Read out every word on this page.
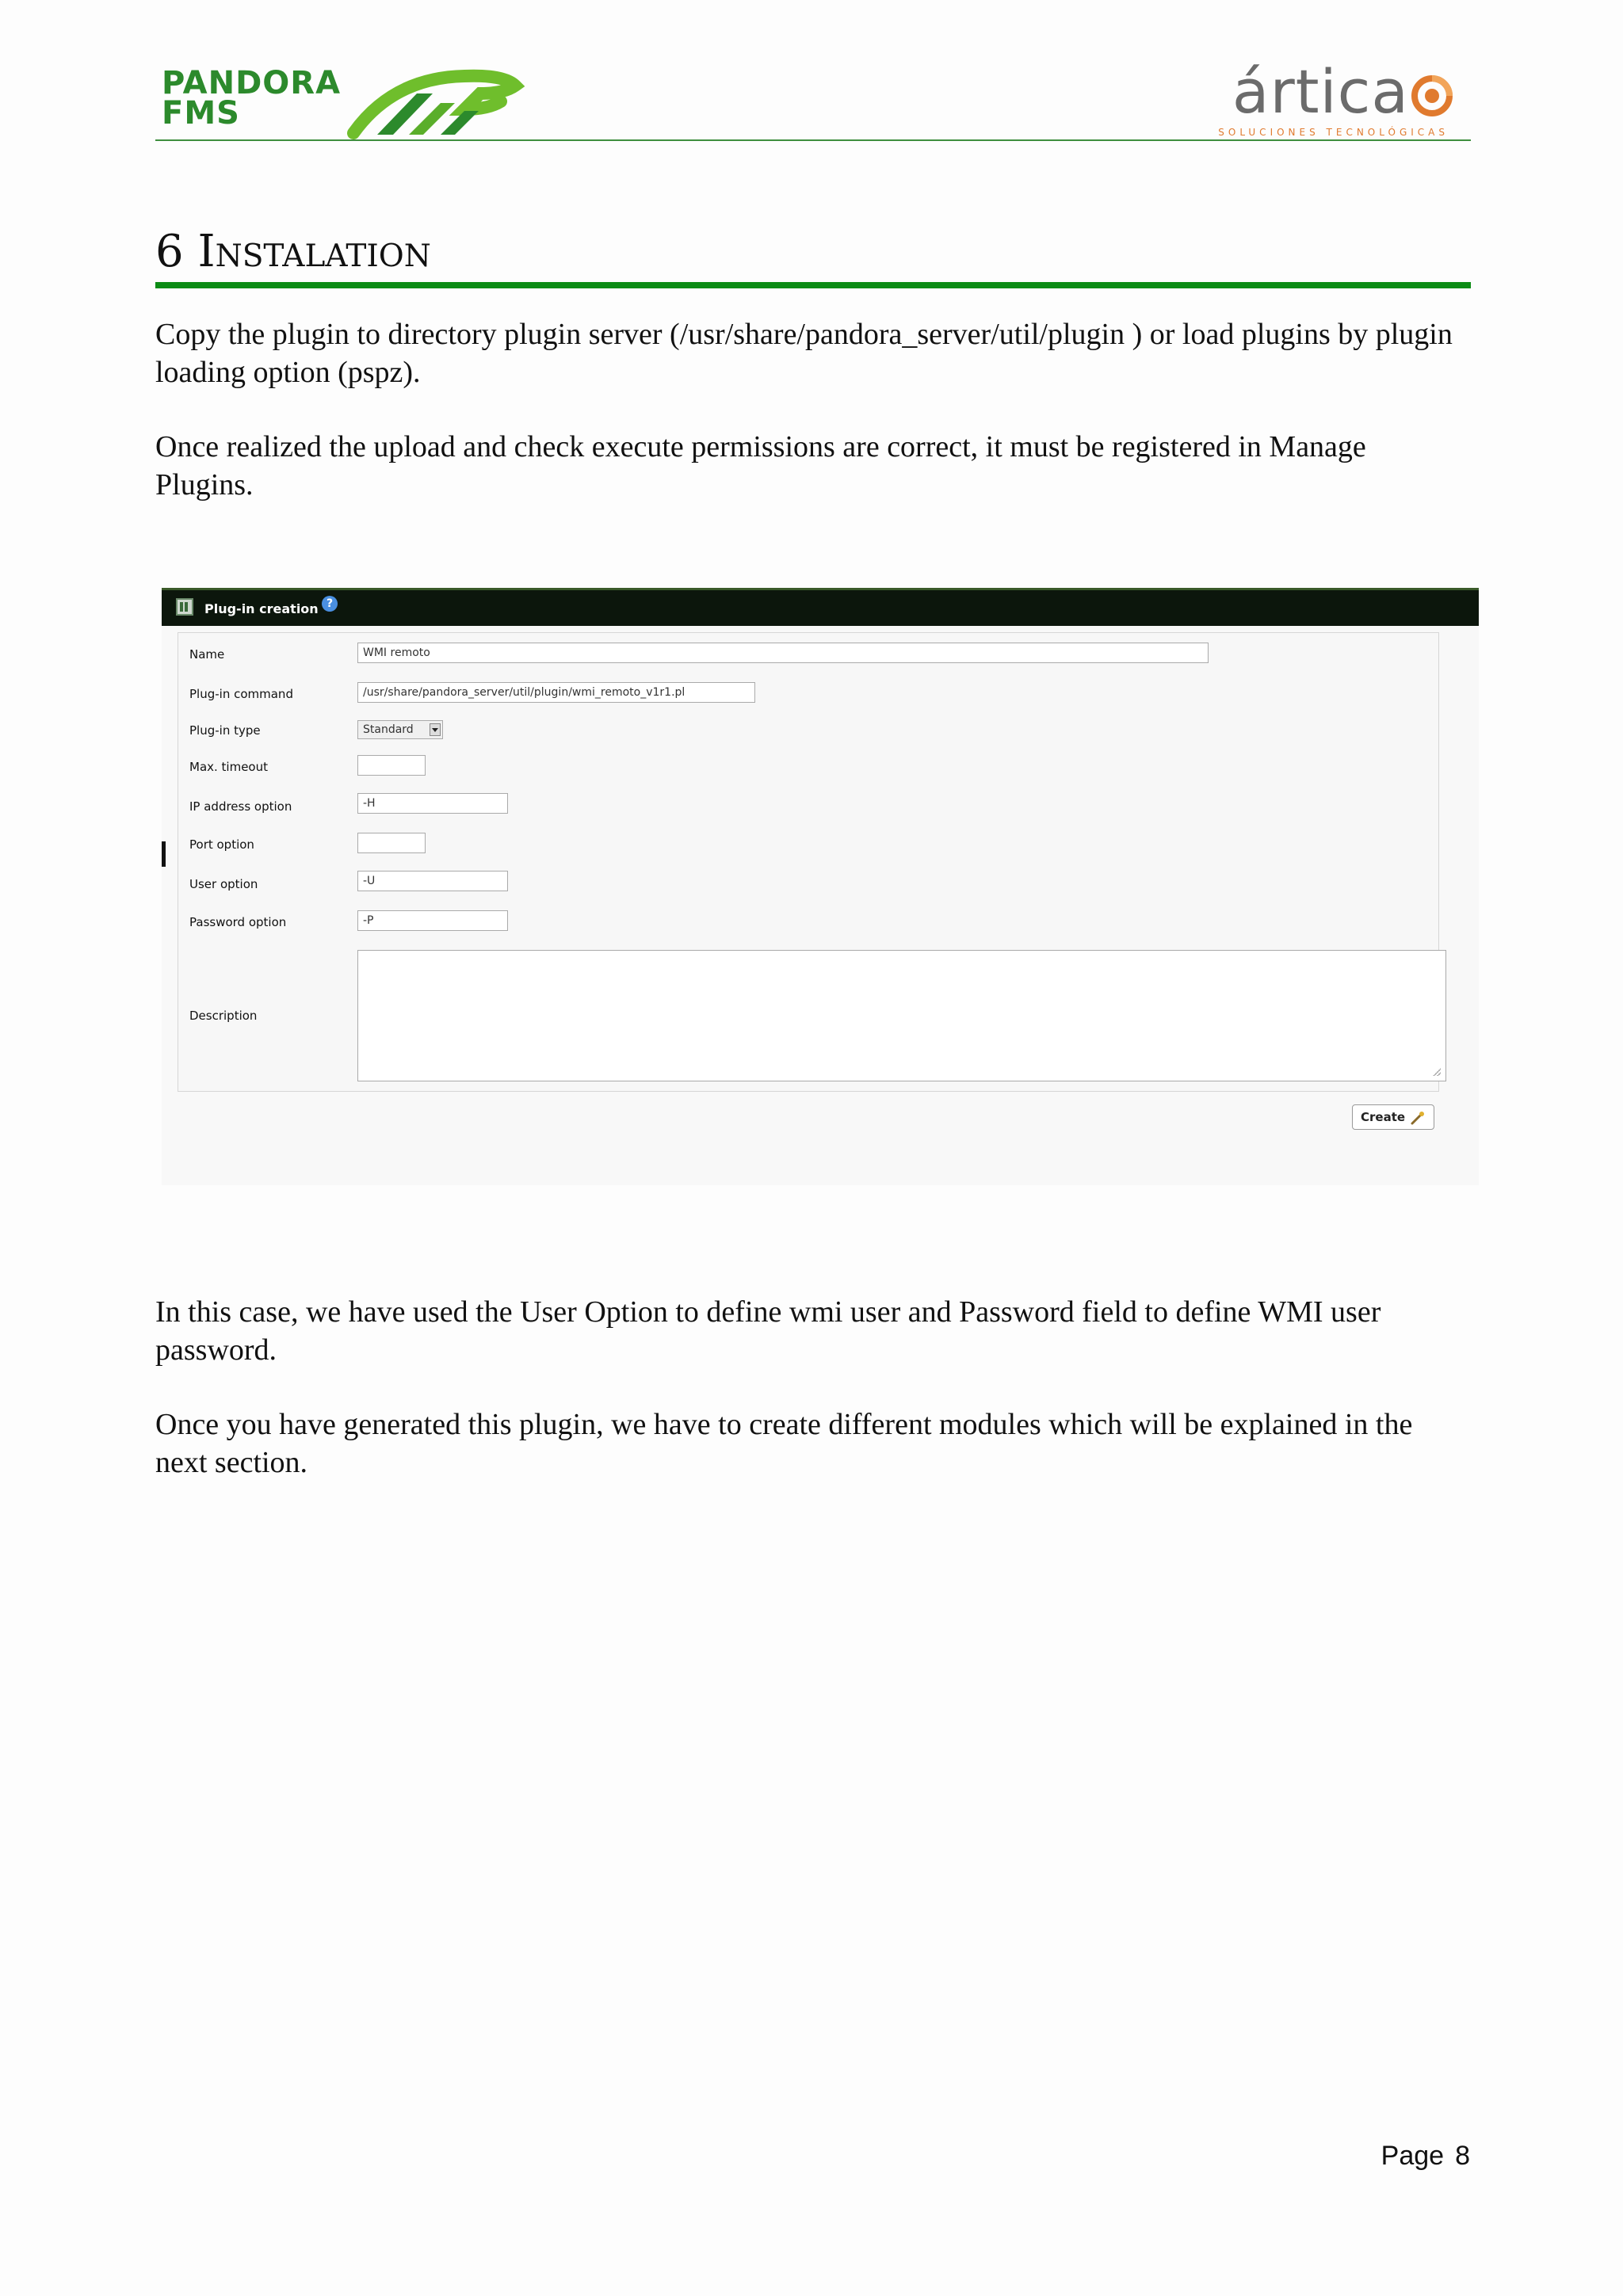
PANDORA
FMS	ártica
SOLUCIONES TECNOLÓGICAS
6 Instalation
Copy the plugin to directory plugin server (/usr/share/pandora_server/util/plugin ) or load plugins by plugin loading option (pspz).
Once realized the upload and check execute permissions are correct, it must be registered in Manage Plugins.
Plug-in creation ?
Name	WMI remoto
Plug-in command	/usr/share/pandora_server/util/plugin/wmi_remoto_v1r1.pl
Plug-in type	Standard
Max. timeout
IP address option	-H
Port option
User option	-U
Password option	-P
Description
Create
In this case, we have used the User Option to define wmi user and Password field to define WMI user password.
Once you have generated this plugin, we have to create different modules which will be explained in the next section.
Page 8
